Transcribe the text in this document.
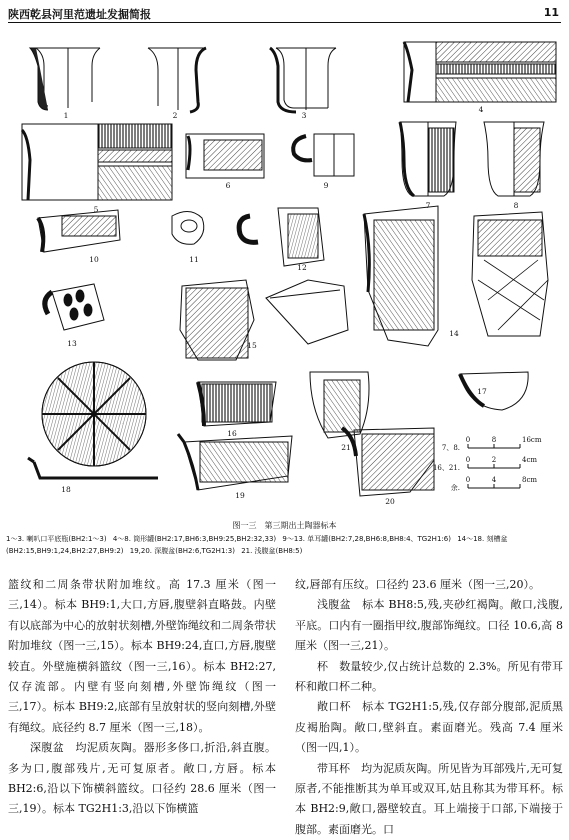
陕西乾县河里范遗址发掘简报	11
1	2	3
4
5
6
7	8
9
10	11
12
13
14
15
16
17
18
19
20
21	7、8.
0	8	16cm
16、21.
0	2	4cm
余.
0	4	8cm
图一三　第三期出土陶器标本
1～3. 喇叭口平底瓶(BH2:1～3) 4～8. 筒形罐(BH2:17,BH6:3,BH9:25,BH2:32,33) 9～13. 单耳罐(BH2:7,28,BH6:8,BH8:4、TG2H1:6) 14～18. 刻槽盆(BH2:15,BH9:1,24,BH2:27,BH9:2) 19,20. 深腹盆(BH2:6,TG2H1:3) 21. 浅腹盆(BH8:5)

篮纹和二周条带状附加堆纹。高 17.3 厘米（图一三,14）。标本 BH9:1,大口,方唇,腹壁斜直略鼓。内壁有以底部为中心的放射状刻槽,外壁饰绳纹和二周条带状附加堆纹（图一三,15）。标本 BH9:24,直口,方唇,腹壁较直。外壁施横斜篮纹（图一三,16）。标本 BH2:27,仅存流部。内壁有竖向刻槽,外壁饰绳纹（图一三,17）。标本 BH9:2,底部有呈放射状的竖向刻槽,外壁有绳纹。底径约 8.7 厘米（图一三,18）。

深腹盆　均泥质灰陶。器形多侈口,折沿,斜直腹。多为口,腹部残片,无可复原者。敞口,方唇。标本 BH2:6,沿以下饰横斜篮纹。口径约 28.6 厘米（图一三,19）。标本 TG2H1:3,沿以下饰横篮

纹,唇部有压纹。口径约 23.6 厘米（图一三,20）。

浅腹盆　标本 BH8:5,残,夹砂红褐陶。敞口,浅腹,平底。口内有一圈指甲纹,腹部饰绳纹。口径 10.6,高 8 厘米（图一三,21）。

杯　数量较少,仅占统计总数的 2.3%。所见有带耳杯和敞口杯二种。

敞口杯　标本 TG2H1:5,残,仅存部分腹部,泥质黑皮褐胎陶。敞口,壁斜直。素面磨光。残高 7.4 厘米（图一四,1）。

带耳杯　均为泥质灰陶。所见皆为耳部残片,无可复原者,不能推断其为单耳或双耳,姑且称其为带耳杯。标本 BH2:9,敞口,器壁较直。耳上端接于口部,下端接于腹部。素面磨光。口
